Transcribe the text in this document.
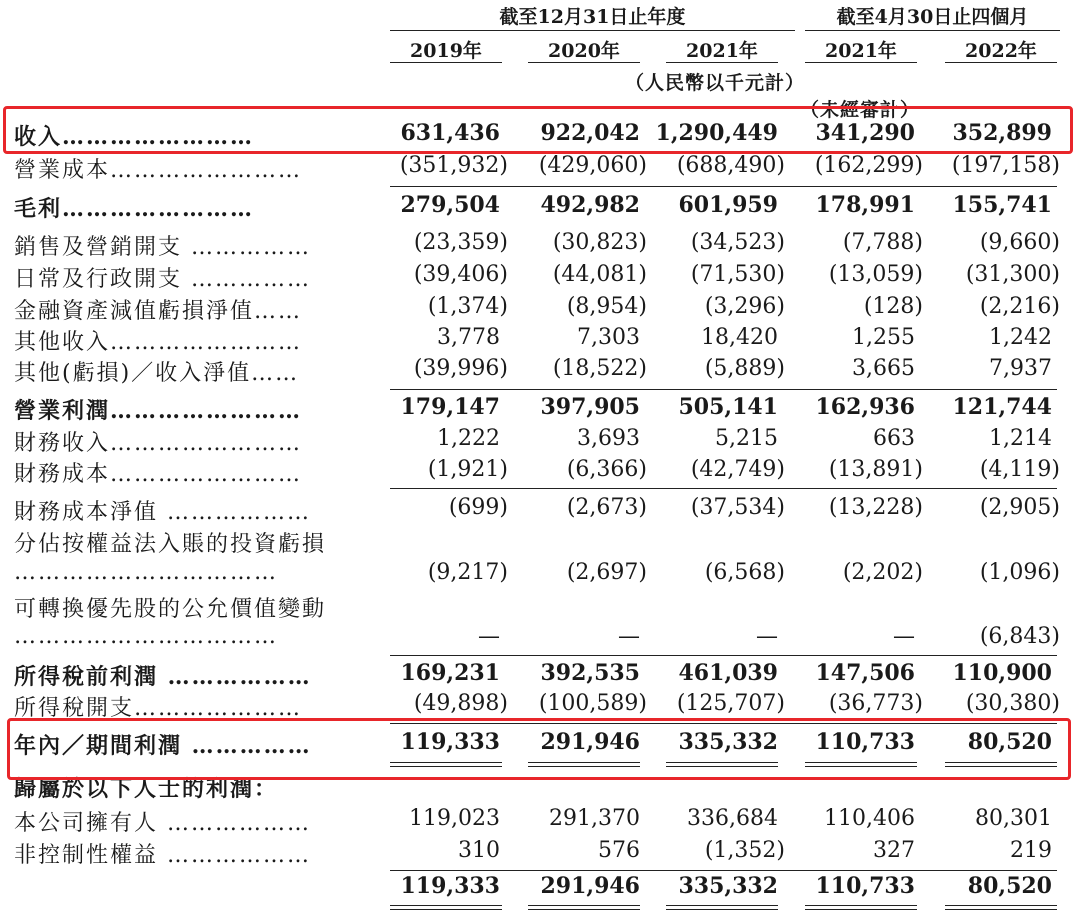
截至12月31日止年度	截至4月30日止四個月
2019年	2020年	2021年	2021年	2022年
（人民幣以千元計）
（未經審計）
收入……………………	631,436 922,042 1,290,449 341,290 352,899
營業成本……………………	(351,932) (429,060) (688,490) (162,299) (197,158)
毛利……………………	279,504 492,982 601,959 178,991 155,741
銷售及營銷開支 ……………	(23,359) (30,823) (34,523)	(7,788)	(9,660)
日常及行政開支 ……………	(39,406) (44,081) (71,530) (13,059) (31,300)
金融資產減值虧損淨值……	(1,374)	(8,954)	(3,296)	(128)	(2,216)
其他收入……………………	3,778	7,303	18,420	1,255	1,242
其他(虧損)／收入淨值……	(39,996) (18,522)	(5,889)	3,665	7,937
營業利潤……………………	179,147 397,905 505,141 162,936 121,744
財務收入……………………	1,222	3,693	5,215	663	1,214
財務成本……………………	(1,921)	(6,366) (42,749) (13,891)	(4,119)
財務成本淨值 ………………	(699)	(2,673) (37,534) (13,228)	(2,905)
分佔按權益法入賬的投資虧損
……………………………	(9,217)	(2,697)	(6,568)	(2,202)	(1,096)
可轉換優先股的公允價值變動
……………………………	—	—	—	—	(6,843)
所得稅前利潤 ………………	169,231 392,535 461,039 147,506 110,900
所得稅開支…………………	(49,898) (100,589) (125,707) (36,773) (30,380)
年內／期間利潤 ……………	119,333 291,946 335,332 110,733 80,520
歸屬於以下人士的利潤：
本公司擁有人 ………………	119,023 291,370 336,684 110,406	80,301
非控制性權益 ………………	310	576	(1,352)	327	219
119,333 291,946 335,332 110,733 80,520
